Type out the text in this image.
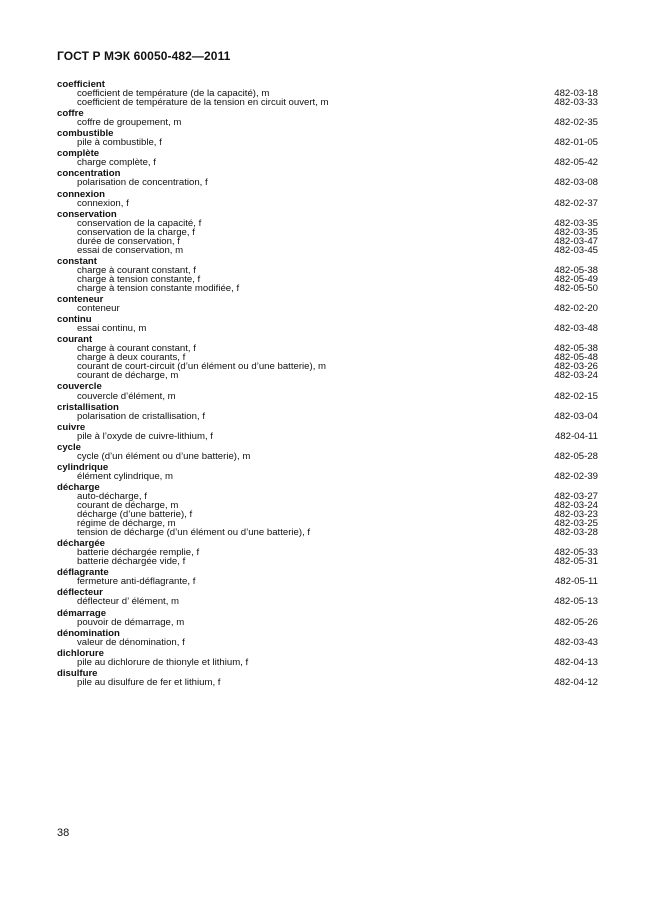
ГОСТ Р МЭК 60050-482—2011
coefficient
coefficient de température (de la capacité), m	482-03-18
coefficient de température de la tension en circuit ouvert, m	482-03-33
coffre
coffre de groupement, m	482-02-35
combustible
pile à combustible, f	482-01-05
complète
charge complète, f	482-05-42
concentration
polarisation de concentration, f	482-03-08
connexion
connexion, f	482-02-37
conservation
conservation de la capacité, f	482-03-35
conservation de la charge, f	482-03-35
durée de conservation, f	482-03-47
essai de conservation, m	482-03-45
constant
charge à courant constant, f	482-05-38
charge à tension constante, f	482-05-49
charge à tension constante modifiée, f	482-05-50
conteneur
conteneur	482-02-20
continu
essai continu, m	482-03-48
courant
charge à courant constant, f	482-05-38
charge à deux courants, f	482-05-48
courant de court-circuit (d’un élément ou d’une batterie), m	482-03-26
courant de décharge, m	482-03-24
couvercle
couvercle d’élément, m	482-02-15
cristallisation
polarisation de cristallisation, f	482-03-04
cuivre
pile à l’oxyde de cuivre-lithium, f	482-04-11
cycle
cycle (d’un élément ou d’une batterie), m	482-05-28
cylindrique
élément cylindrique, m	482-02-39
décharge
auto-décharge, f	482-03-27
courant de décharge, m	482-03-24
décharge (d’une batterie), f	482-03-23
régime de décharge, m	482-03-25
tension de décharge (d’un élément ou d’une batterie), f	482-03-28
déchargée
batterie déchargée remplie, f	482-05-33
batterie déchargée vide, f	482-05-31
déflagrante
fermeture anti-déflagrante, f	482-05-11
déflecteur
déflecteur d’ élément, m	482-05-13
démarrage
pouvoir de démarrage, m	482-05-26
dénomination
valeur de dénomination, f	482-03-43
dichlorure
pile au dichlorure de thionyle et lithium, f	482-04-13
disulfure
pile au disulfure de fer et lithium, f	482-04-12
38
